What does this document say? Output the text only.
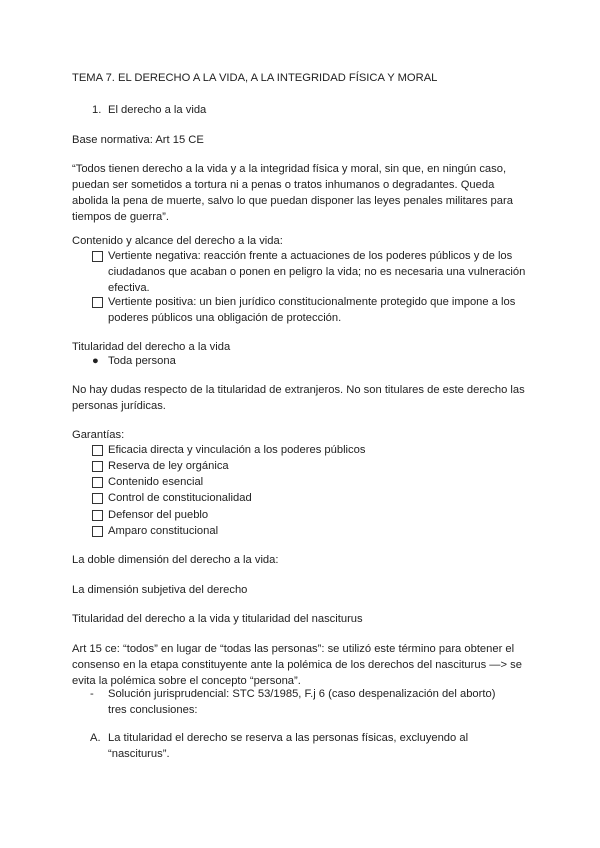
TEMA 7. EL DERECHO A LA VIDA, A LA INTEGRIDAD FÍSICA Y MORAL

1. El derecho a la vida

Base normativa: Art 15 CE

“Todos tienen derecho a la vida y a la integridad física y moral, sin que, en ningún caso, puedan ser sometidos a tortura ni a penas o tratos inhumanos o degradantes. Queda abolida la pena de muerte, salvo lo que puedan disponer las leyes penales militares para tiempos de guerra”.

Contenido y alcance del derecho a la vida:

Vertiente negativa: reacción frente a actuaciones de los poderes públicos y de los ciudadanos que acaban o ponen en peligro la vida; no es necesaria una vulneración efectiva.
Vertiente positiva: un bien jurídico constitucionalmente protegido que impone a los poderes públicos una obligación de protección.

Titularidad del derecho a la vida

● Toda persona

No hay dudas respecto de la titularidad de extranjeros. No son titulares de este derecho las personas jurídicas.

Garantías:

Eficacia directa y vinculación a los poderes públicos
Reserva de ley orgánica
Contenido esencial
Control de constitucionalidad
Defensor del pueblo
Amparo constitucional

La doble dimensión del derecho a la vida:

La dimensión subjetiva del derecho

Titularidad del derecho a la vida y titularidad del nasciturus

Art 15 ce: “todos” en lugar de “todas las personas”: se utilizó este término para obtener el consenso en la etapa constituyente ante la polémica de los derechos del nasciturus —> se evita la polémica sobre el concepto “persona”.

- Solución jurisprudencial: STC 53/1985, F.j 6 (caso despenalización del aborto) tres conclusiones:
A. La titularidad el derecho se reserva a las personas físicas, excluyendo al “nasciturus”.
